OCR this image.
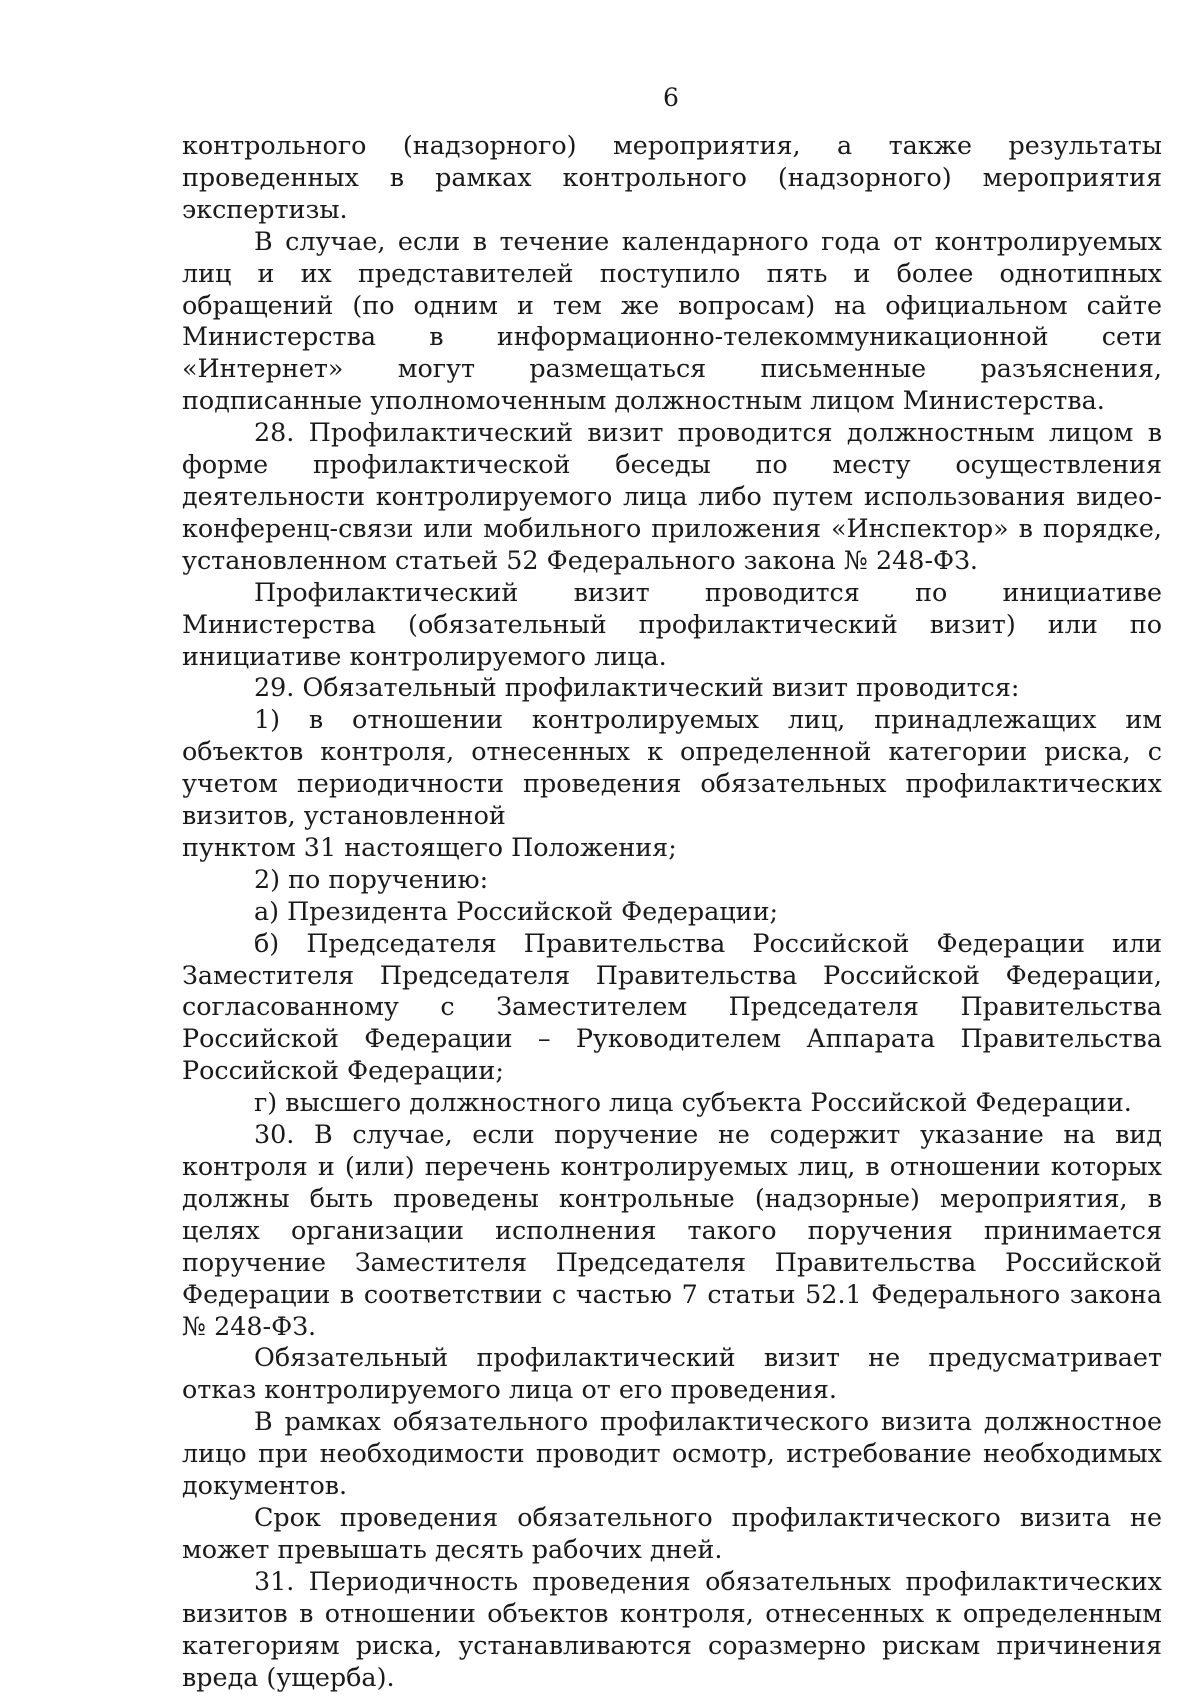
6

контрольного (надзорного) мероприятия, а также результаты проведенных в рамках контрольного (надзорного) мероприятия экспертизы.

В случае, если в течение календарного года от контролируемых лиц и их представителей поступило пять и более однотипных обращений (по одним и тем же вопросам) на официальном сайте Министерства в информационно-телекоммуникационной сети «Интернет» могут размещаться письменные разъяснения, подписанные уполномоченным должностным лицом Министерства.

28. Профилактический визит проводится должностным лицом в форме профилактической беседы по месту осуществления деятельности контролируемого лица либо путем использования видео-конференц-связи или мобильного приложения «Инспектор» в порядке, установленном статьей 52 Федерального закона № 248-ФЗ.

Профилактический визит проводится по инициативе Министерства (обязательный профилактический визит) или по инициативе контролируемого лица.

29. Обязательный профилактический визит проводится:

1) в отношении контролируемых лиц, принадлежащих им объектов контроля, отнесенных к определенной категории риска, с учетом периодичности проведения обязательных профилактических визитов, установленной

пунктом 31 настоящего Положения;

2) по поручению:

а) Президента Российской Федерации;

б) Председателя Правительства Российской Федерации или Заместителя Председателя Правительства Российской Федерации, согласованному с Заместителем Председателя Правительства Российской Федерации – Руководителем Аппарата Правительства Российской Федерации;

г) высшего должностного лица субъекта Российской Федерации.

30. В случае, если поручение не содержит указание на вид контроля и (или) перечень контролируемых лиц, в отношении которых должны быть проведены контрольные (надзорные) мероприятия, в целях организации исполнения такого поручения принимается поручение Заместителя Председателя Правительства Российской Федерации в соответствии с частью 7 статьи 52.1 Федерального закона № 248-ФЗ.

Обязательный профилактический визит не предусматривает отказ контролируемого лица от его проведения.

В рамках обязательного профилактического визита должностное лицо при необходимости проводит осмотр, истребование необходимых документов.

Срок проведения обязательного профилактического визита не может превышать десять рабочих дней.

31. Периодичность проведения обязательных профилактических визитов в отношении объектов контроля, отнесенных к определенным категориям риска, устанавливаются соразмерно рискам причинения вреда (ущерба).
